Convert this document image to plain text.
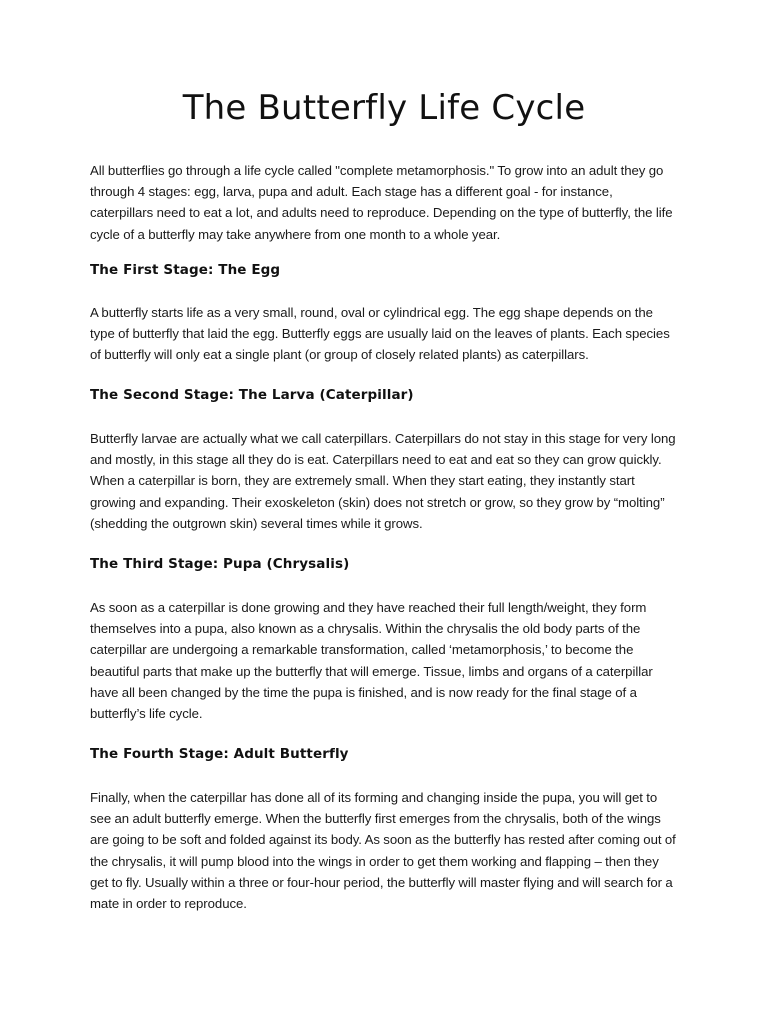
The Butterfly Life Cycle

All butterflies go through a life cycle called "complete metamorphosis." To grow into an adult they go through 4 stages: egg, larva, pupa and adult. Each stage has a different goal - for instance, caterpillars need to eat a lot, and adults need to reproduce. Depending on the type of butterfly, the life cycle of a butterfly may take anywhere from one month to a whole year.

The First Stage: The Egg

A butterfly starts life as a very small, round, oval or cylindrical egg. The egg shape depends on the type of butterfly that laid the egg. Butterfly eggs are usually laid on the leaves of plants. Each species of butterfly will only eat a single plant (or group of closely related plants) as caterpillars.

The Second Stage: The Larva (Caterpillar)

Butterfly larvae are actually what we call caterpillars. Caterpillars do not stay in this stage for very long and mostly, in this stage all they do is eat. Caterpillars need to eat and eat so they can grow quickly. When a caterpillar is born, they are extremely small. When they start eating, they instantly start growing and expanding. Their exoskeleton (skin) does not stretch or grow, so they grow by “molting” (shedding the outgrown skin) several times while it grows.

The Third Stage: Pupa (Chrysalis)

As soon as a caterpillar is done growing and they have reached their full length/weight, they form themselves into a pupa, also known as a chrysalis. Within the chrysalis the old body parts of the caterpillar are undergoing a remarkable transformation, called ‘metamorphosis,’ to become the beautiful parts that make up the butterfly that will emerge. Tissue, limbs and organs of a caterpillar have all been changed by the time the pupa is finished, and is now ready for the final stage of a butterfly’s life cycle.

The Fourth Stage: Adult Butterfly

Finally, when the caterpillar has done all of its forming and changing inside the pupa, you will get to see an adult butterfly emerge. When the butterfly first emerges from the chrysalis, both of the wings are going to be soft and folded against its body. As soon as the butterfly has rested after coming out of the chrysalis, it will pump blood into the wings in order to get them working and flapping – then they get to fly. Usually within a three or four-hour period, the butterfly will master flying and will search for a mate in order to reproduce.
